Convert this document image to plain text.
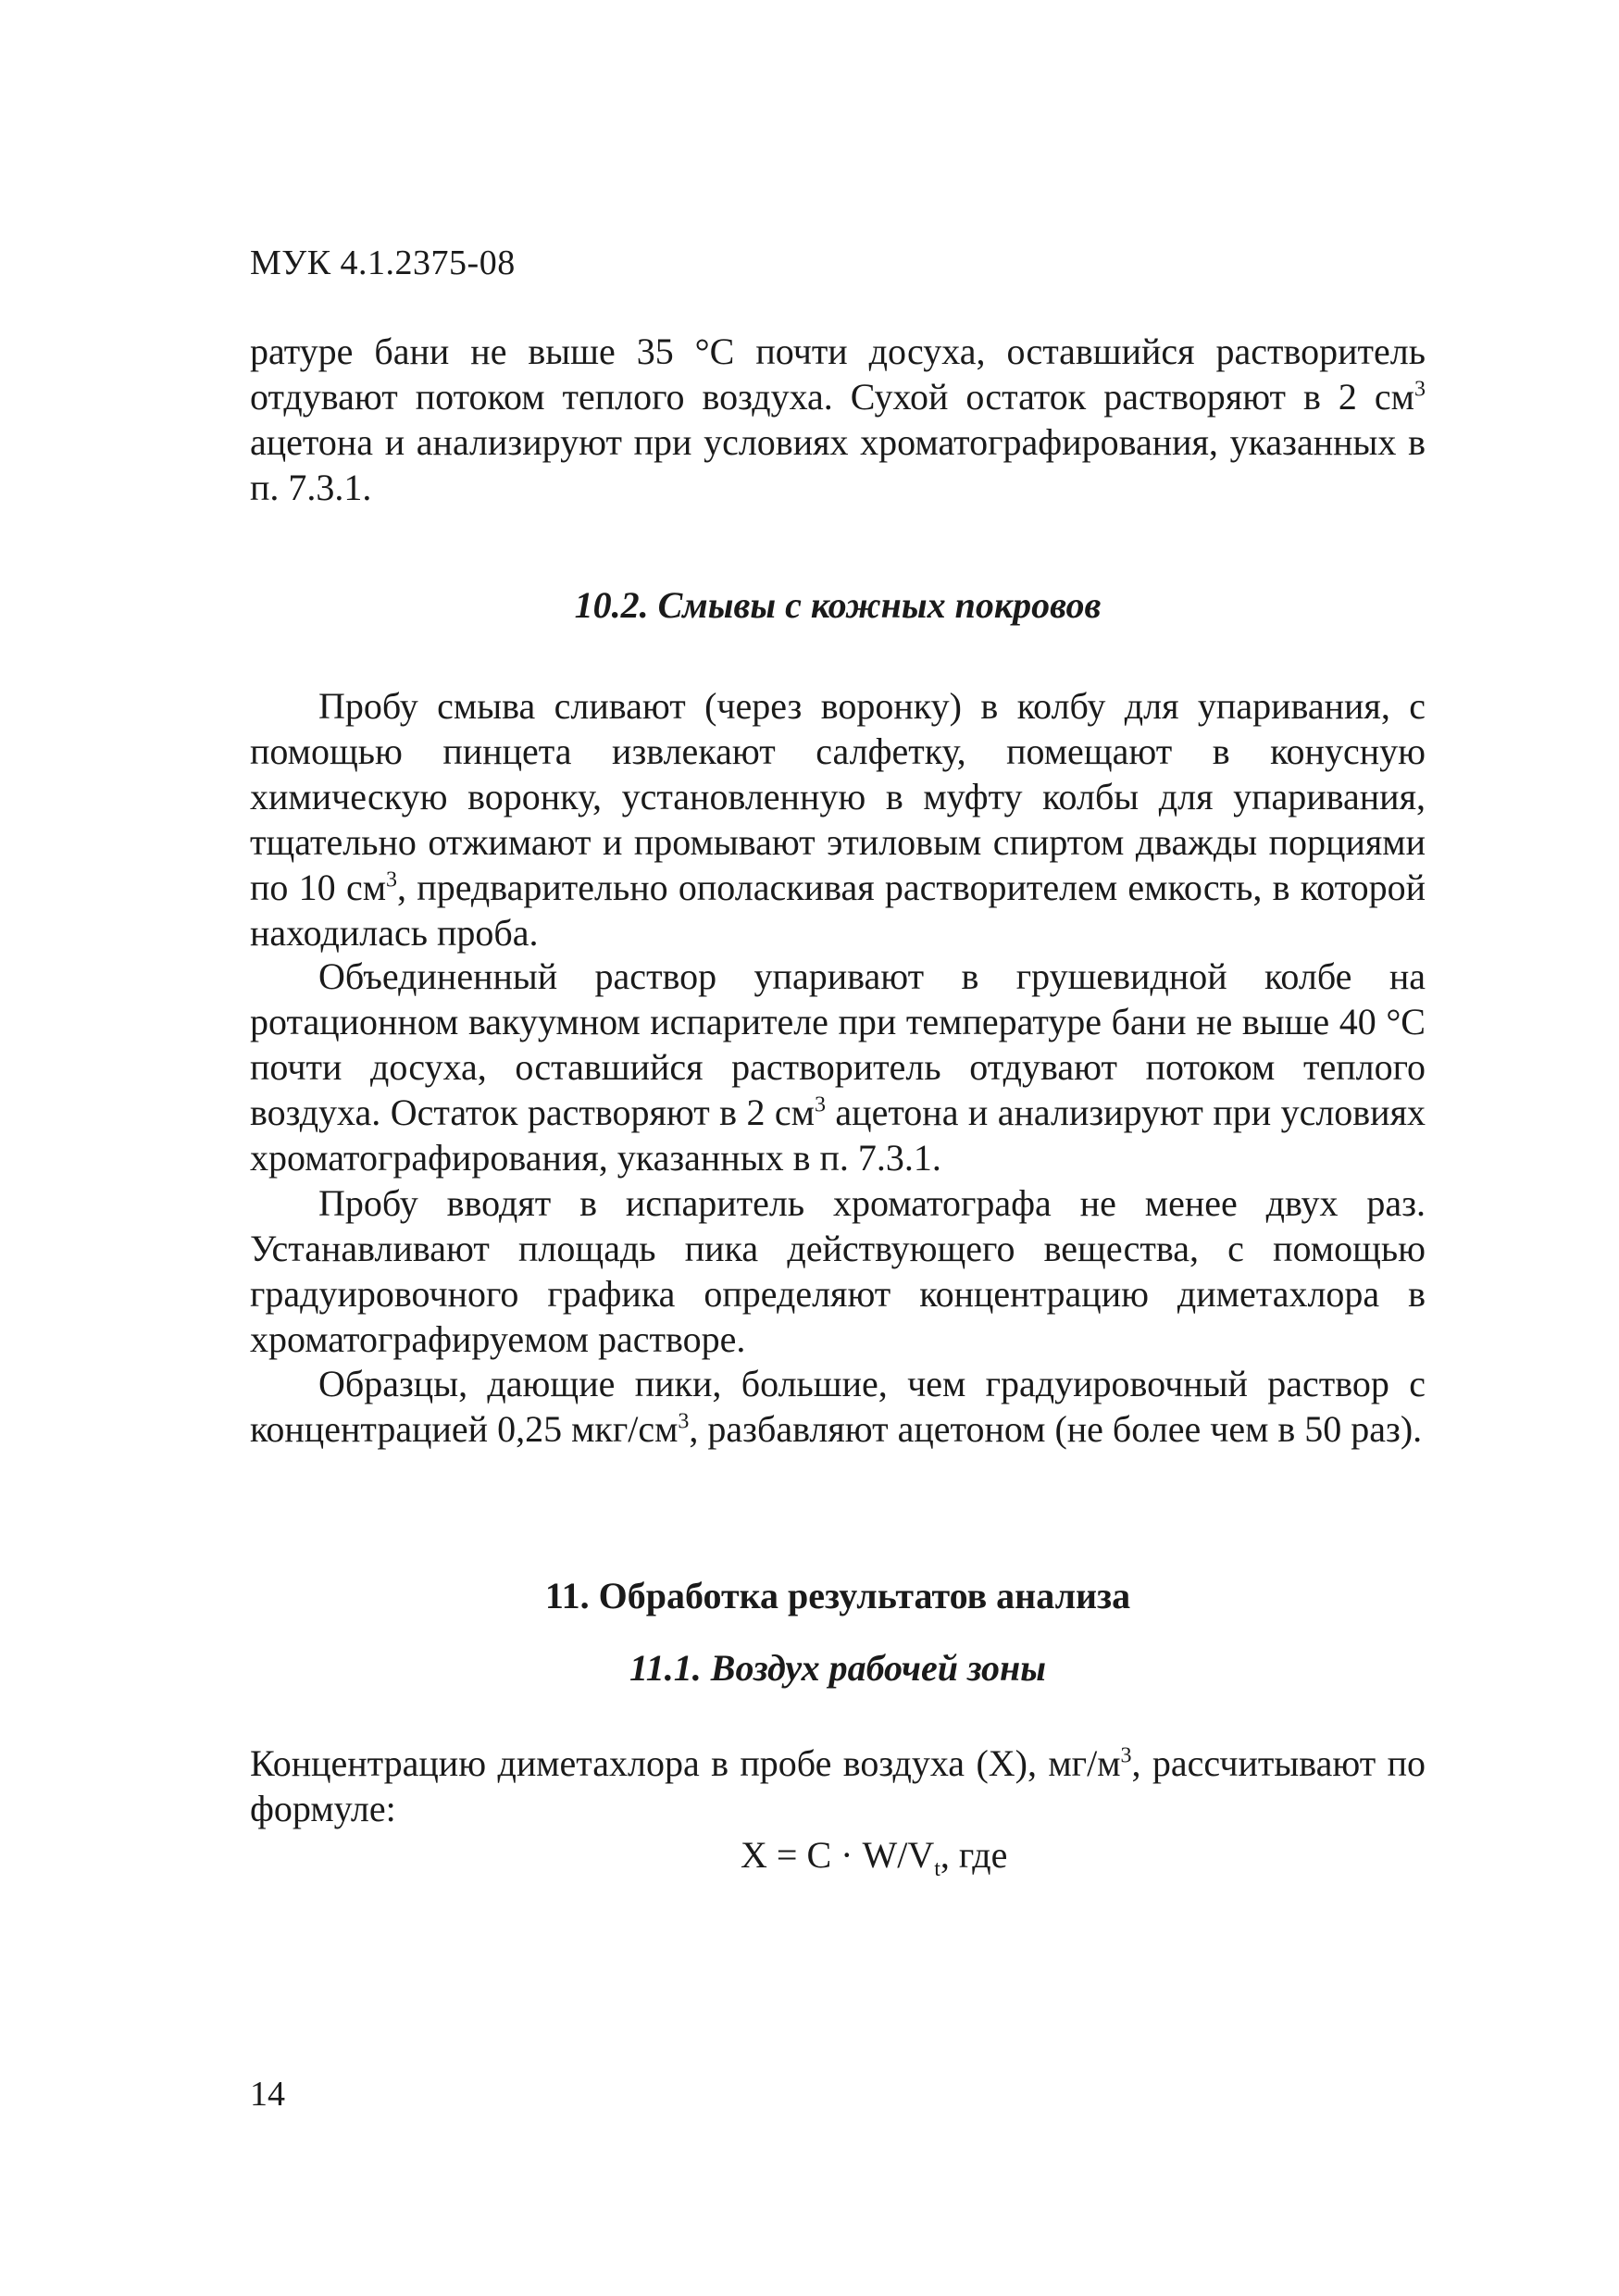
МУК 4.1.2375-08

ратуре бани не выше 35 °С почти досуха, оставшийся растворитель отдувают потоком теплого воздуха. Сухой остаток растворяют в 2 $см^3$ ацетона и анализируют при условиях хроматографирования, указанных в п. 7.3.1.

10.2. Смывы с кожных покровов

Пробу смыва сливают (через воронку) в колбу для упаривания, с помощью пинцета извлекают салфетку, помещают в конусную химическую воронку, установленную в муфту колбы для упаривания, тщательно отжимают и промывают этиловым спиртом дважды порциями по 10 $см^3$, предварительно ополаскивая растворителем емкость, в которой находилась проба.

Объединенный раствор упаривают в грушевидной колбе на ротационном вакуумном испарителе при температуре бани не выше 40 °С почти досуха, оставшийся растворитель отдувают потоком теплого воздуха. Остаток растворяют в 2 $см^3$ ацетона и анализируют при условиях хроматографирования, указанных в п. 7.3.1.

Пробу вводят в испаритель хроматографа не менее двух раз. Устанавливают площадь пика действующего вещества, с помощью градуировочного графика определяют концентрацию диметахлора в хроматографируемом растворе.

Образцы, дающие пики, большие, чем градуировочный раствор с концентрацией 0,25 мкг/$см^3$, разбавляют ацетоном (не более чем в 50 раз).

11. Обработка результатов анализа
11.1. Воздух рабочей зоны

Концентрацию диметахлора в пробе воздуха (Х), $мг/м^3$, рассчитывают по формуле:

$Х = С \cdot W/V_t$, где
14
